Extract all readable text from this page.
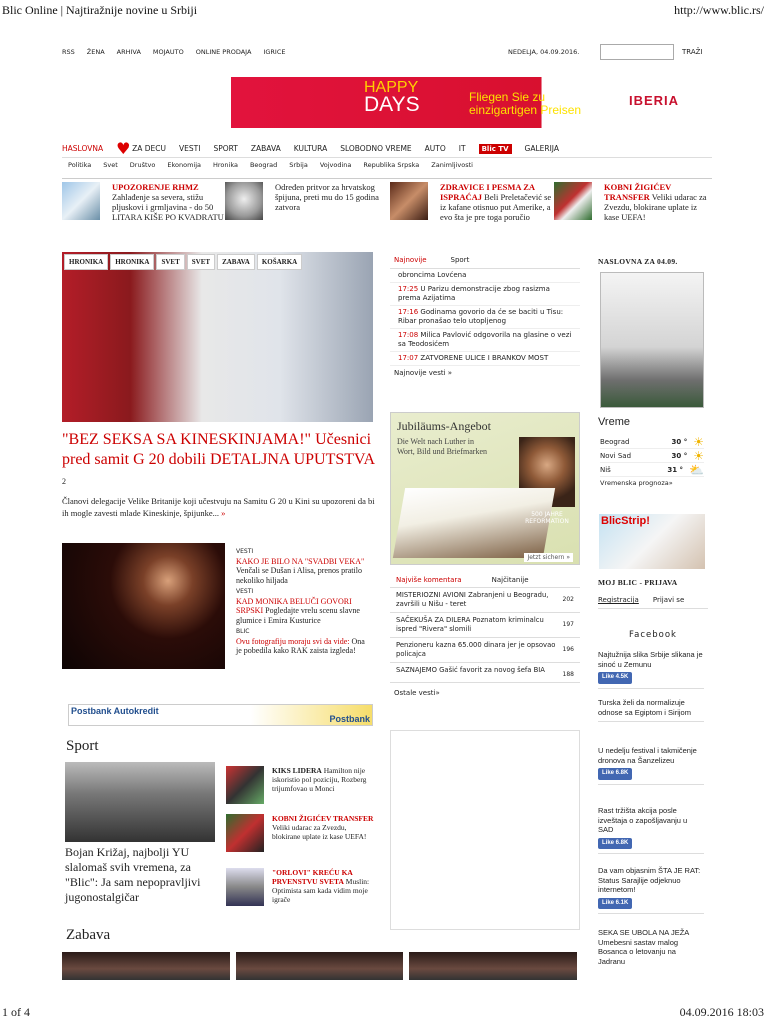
Blic Online | Najtiražnije novine u Srbiji	http://www.blic.rs/
RSS ŽENA ARHIVA MOJAUTO ONLINE PRODAJA IGRICE	NEDELJA, 04.09.2016.	TRAŽI
HAPPY
DAYS	Fliegen Sie zu
einzigartigen Preisen
IBERIA
HASLOVNA ♥ ZA DECU VESTI SPORT ZABAVA KULTURA SLOBODNO VREME AUTO IT	Blic TV	GALERIJA
Politika Svet Društvo Ekonomija Hronika Beograd Srbija Vojvodina Republika Srpska Zanimljivosti
UPOZORENJE RHMZ Zahlađenje sa severa, stižu pljuskovi i grmljavina - do 50 LITARA KIŠE PO KVADRATU
Određen pritvor za hrvatskog špijuna, preti mu do 15 godina zatvora
ZDRAVICE I PESMA ZA ISPRAĆAJ Beli Preletačević se iz kafane otisnuo put Amerike, a evo šta je pre toga poručio
KOBNI ŽIGIĆEV TRANSFER Veliki udarac za Zvezdu, blokirane uplate iz kase UEFA!
HRONIKA	HRONIKA	SVET	SVET	ZABAVA	KOŠARKA
"BEZ SEKSA SA KINESKINJAMA!" Učesnici pred samit G 20 dobili DETALJNA UPUTSTVA 2
Članovi delegacije Velike Britanije koji učestvuju na Samitu G 20 u Kini su upozoreni da bi ih mogle zavesti mlade Kineskinje, špijunke... »
VESTI
KAKO JE BILO NA "SVADBI VEKA" Venčali se Dušan i Alisa, prenos pratilo nekoliko hiljada
VESTI
KAD MONIKA BELUČI GOVORI SRPSKI Pogledajte vrelu scenu slavne glumice i Emira Kusturice
BLIC
Ovu fotografiju moraju svi da vide: Ona je pobedila kako RAK zaista izgleda!
Postbank Autokredit
Postbank
Sport
Bojan Križaj, najbolji YU slalomaš svih vremena, za "Blic": Ja sam nepopravljivi jugonostalgičar
KIKS LIDERA Hamilton nije iskoristio pol poziciju, Rozberg trijumfovao u Monci
KOBNI ŽIGIĆEV TRANSFER Veliki udarac za Zvezdu, blokirane uplate iz kase UEFA!
"ORLOVI" KREĆU KA PRVENSTVU SVETA Muslin: Optimista sam kada vidim moje igrače
Zabava
Najnovije	Sport
obroncima Lovćena
17:25 U Parizu demonstracije zbog rasizma prema Azijatima
17:16 Godinama govorio da će se baciti u Tisu: Ribar pronašao telo utopljenog
17:08 Milica Pavlović odgovorila na glasine o vezi sa Teodosićem
17:07 ZATVORENE ULICE I BRANKOV MOST
Najnovije vesti »
Jubiläums-Angebot
Die Welt nach Luther in Wort, Bild und Briefmarken
500 JAHRE REFORMATION
Jetzt sichern »
Najviše komentara	Najčitanije
MISTERIOZNI AVIONI Zabranjeni u Beogradu, završili u Nišu - teret
202
SAČEKUŠA ZA DILERA Poznatom kriminalcu ispred "Rivera" slomili
197
Penzioneru kazna 65.000 dinara jer je opsovao policajca
196
SAZNAJEMO Gašić favorit za novog šefa BIA
188
Ostale vesti»
NASLOVNA ZA 04.09.
Vreme
Beograd	30 ° ☀
Novi Sad	30 ° ☀
Niš	31 ° ⛅
Vremenska prognoza»
BlicStrip!
MOJ BLIC - PRIJAVA
Registracija Prijavi se
Facebook
Najtužnija slika Srbije slikana je sinoć u Zemunu
Like 4.5K
Turska želi da normalizuje odnose sa Egiptom i Sirijom
U nedelju festival i takmičenje dronova na Šanzelizeu
Like 6.8K
Rast tržišta akcija posle izveštaja o zapošljavanju u SAD
Like 6.8K
Da vam objasnim ŠTA JE RAT: Status Sarajlije odjeknuo internetom!
Like 6.1K
SEKA SE UBOLA NA JEŽA Umebesni sastav malog Bosanca o letovanju na Jadranu
1 of 4	04.09.2016 18:03
